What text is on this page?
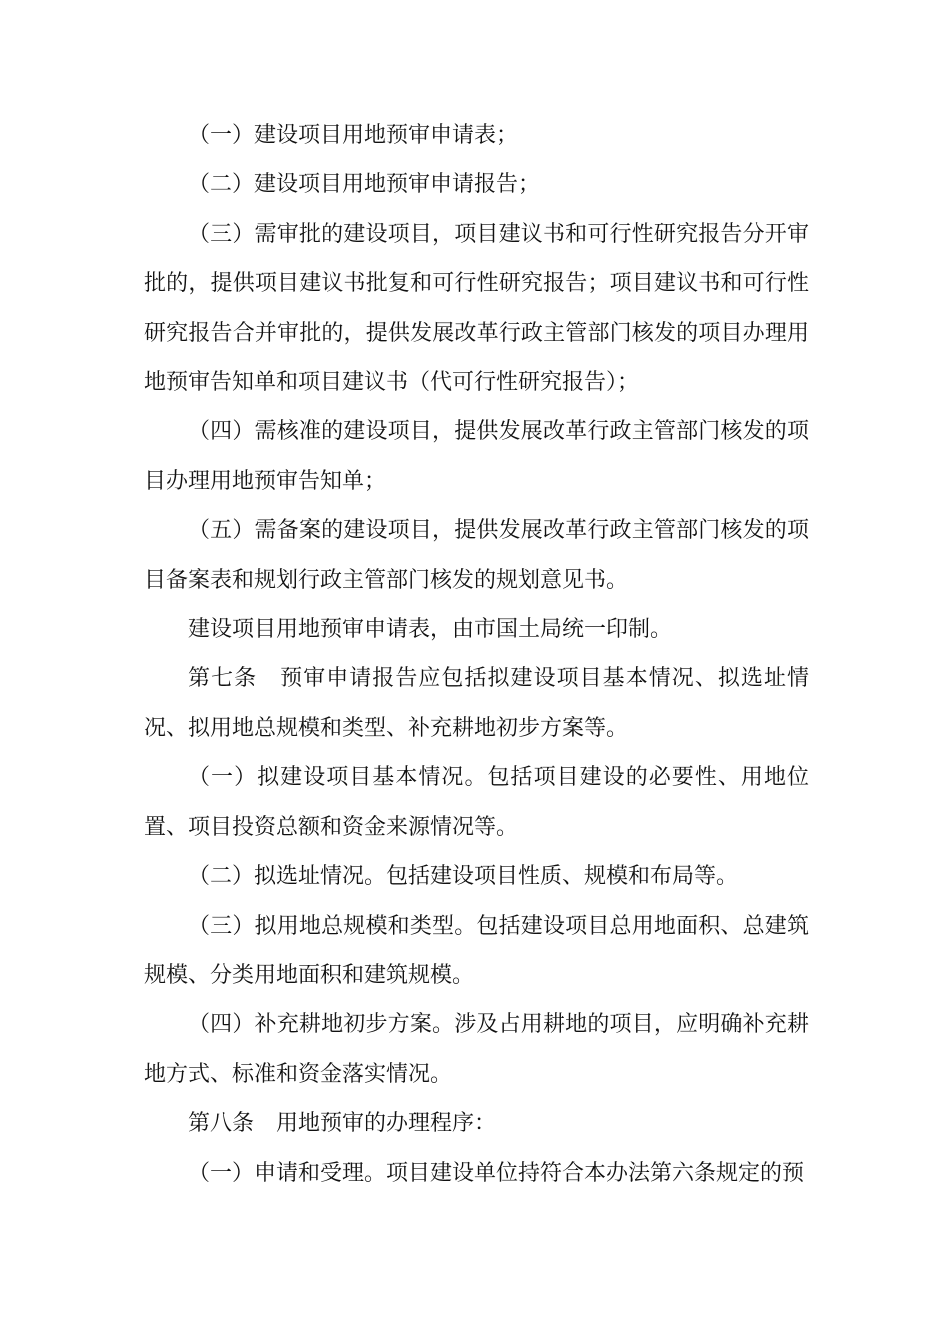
（一）建设项目用地预审申请表；

（二）建设项目用地预审申请报告；

（三）需审批的建设项目，项目建议书和可行性研究报告分开审批的，提供项目建议书批复和可行性研究报告；项目建议书和可行性研究报告合并审批的，提供发展改革行政主管部门核发的项目办理用地预审告知单和项目建议书（代可行性研究报告）；

（四）需核准的建设项目，提供发展改革行政主管部门核发的项目办理用地预审告知单；

（五）需备案的建设项目，提供发展改革行政主管部门核发的项目备案表和规划行政主管部门核发的规划意见书。

建设项目用地预审申请表，由市国土局统一印制。

第七条 预审申请报告应包括拟建设项目基本情况、拟选址情况、拟用地总规模和类型、补充耕地初步方案等。

（一）拟建设项目基本情况。包括项目建设的必要性、用地位置、项目投资总额和资金来源情况等。

（二）拟选址情况。包括建设项目性质、规模和布局等。

（三）拟用地总规模和类型。包括建设项目总用地面积、总建筑规模、分类用地面积和建筑规模。

（四）补充耕地初步方案。涉及占用耕地的项目，应明确补充耕地方式、标准和资金落实情况。

第八条 用地预审的办理程序：

（一）申请和受理。项目建设单位持符合本办法第六条规定的预
